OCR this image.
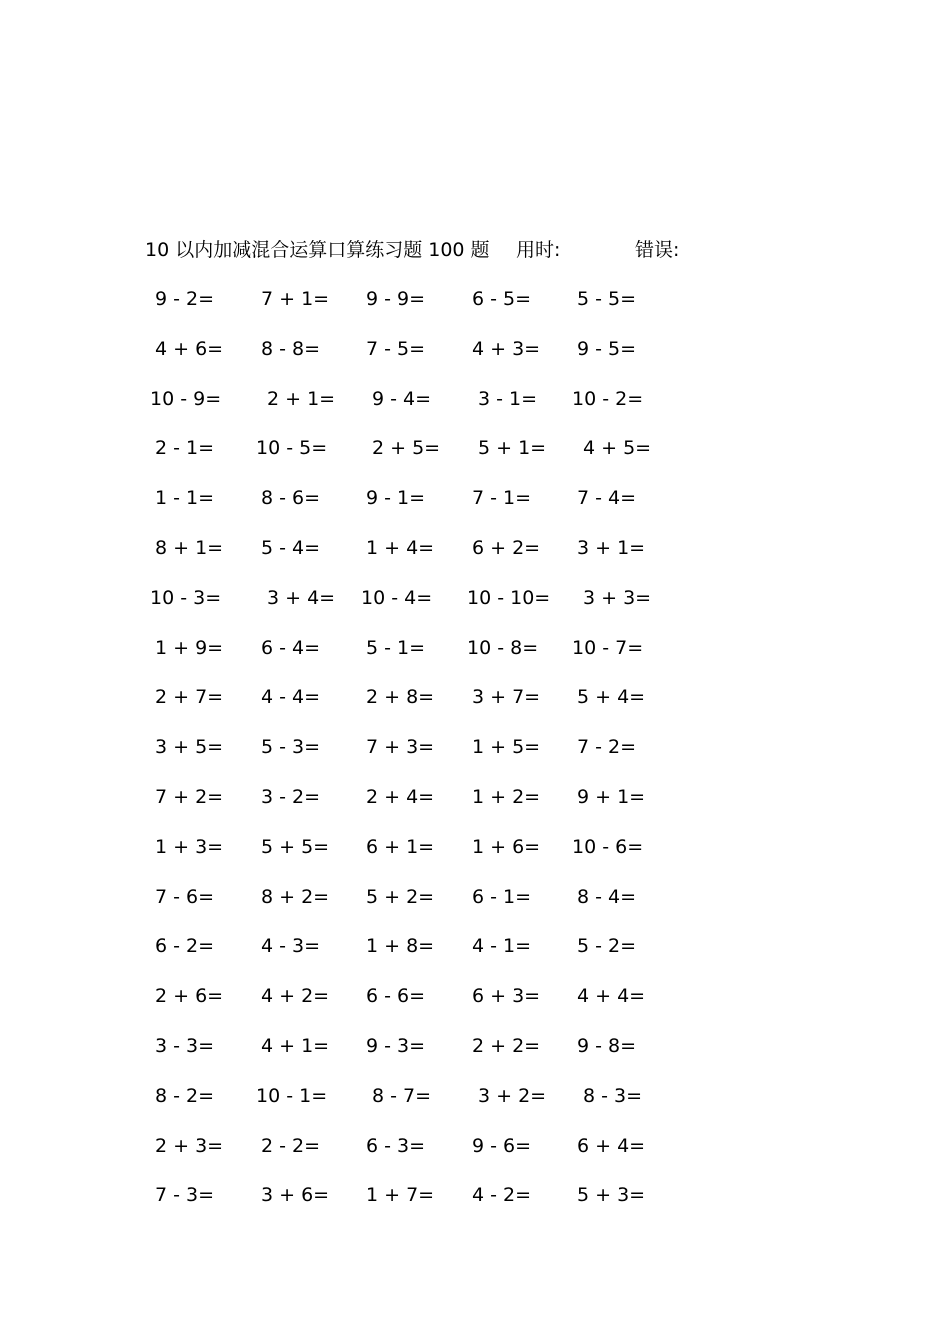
10 以内加减混合运算口算练习题 100 题 用时:	错误:
9 - 2= 7 + 1= 9 - 9= 6 - 5= 5 - 5=
4 + 6= 8 - 8= 7 - 5= 4 + 3= 9 - 5=
10 - 9= 2 + 1= 9 - 4= 3 - 1= 10 - 2=
2 - 1= 10 - 5= 2 + 5= 5 + 1= 4 + 5=
1 - 1= 8 - 6= 9 - 1= 7 - 1= 7 - 4=
8 + 1= 5 - 4= 1 + 4= 6 + 2= 3 + 1=
10 - 3= 3 + 4= 10 - 4= 10 - 10= 3 + 3=
1 + 9= 6 - 4= 5 - 1= 10 - 8= 10 - 7=
2 + 7= 4 - 4= 2 + 8= 3 + 7= 5 + 4=
3 + 5= 5 - 3= 7 + 3= 1 + 5= 7 - 2=
7 + 2= 3 - 2= 2 + 4= 1 + 2= 9 + 1=
1 + 3= 5 + 5= 6 + 1= 1 + 6= 10 - 6=
7 - 6= 8 + 2= 5 + 2= 6 - 1= 8 - 4=
6 - 2= 4 - 3= 1 + 8= 4 - 1= 5 - 2=
2 + 6= 4 + 2= 6 - 6= 6 + 3= 4 + 4=
3 - 3= 4 + 1= 9 - 3= 2 + 2= 9 - 8=
8 - 2= 10 - 1= 8 - 7= 3 + 2= 8 - 3=
2 + 3= 2 - 2= 6 - 3= 9 - 6= 6 + 4=
7 - 3= 3 + 6= 1 + 7= 4 - 2= 5 + 3=
